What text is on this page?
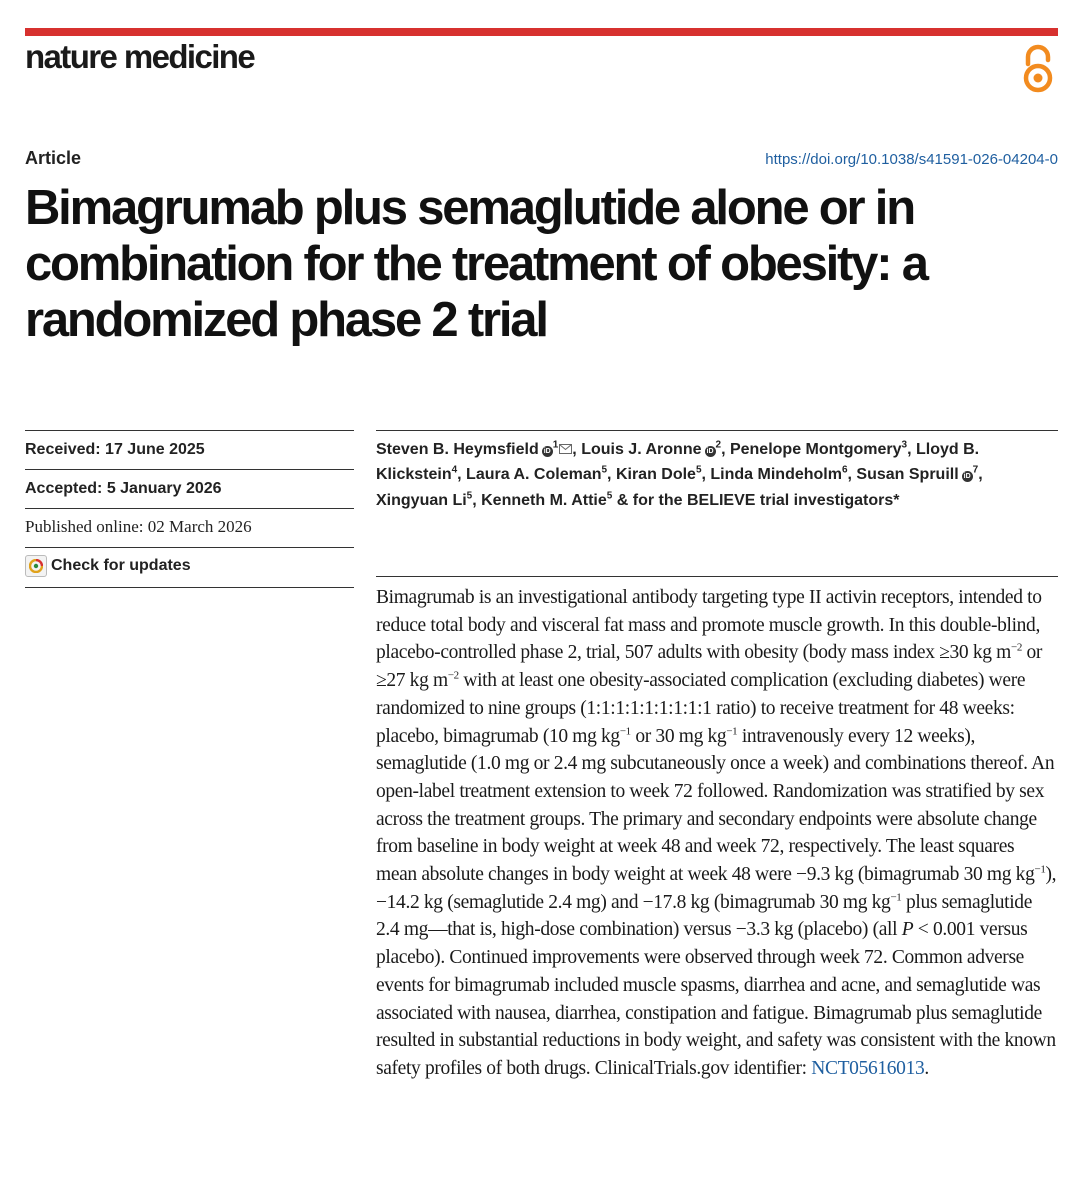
nature medicine
Article	https://doi.org/10.1038/s41591-026-04204-0
Bimagrumab plus semaglutide alone or in combination for the treatment of obesity: a randomized phase 2 trial
Received: 17 June 2025
Accepted: 5 January 2026
Published online: 02 March 2026
Check for updates

Steven B. Heymsfield $iD^1$ , Louis J. Aronne $iD^2$, Penelope Montgomery$^3$, Lloyd B. Klickstein$^4$, Laura A. Coleman$^5$, Kiran Dole$^5$, Linda Mindeholm$^6$, Susan Spruill $iD^7$, Xingyuan Li$^5$, Kenneth M. Attie$^5$ & for the BELIEVE trial investigators*

Bimagrumab is an investigational antibody targeting type II activin receptors, intended to reduce total body and visceral fat mass and promote muscle growth. In this double-blind, placebo-controlled phase 2, trial, 507 adults with obesity (body mass index ≥30 kg $m^{-2}$ or ≥27 kg $m^{-2}$ with at least one obesity-associated complication (excluding diabetes) were randomized to nine groups (1:1:1:1:1:1:1:1:1 ratio) to receive treatment for 48 weeks: placebo, bimagrumab (10 mg $kg^{-1}$ or 30 mg $kg^{-1}$ intravenously every 12 weeks), semaglutide (1.0 mg or 2.4 mg subcutaneously once a week) and combinations thereof. An open-label treatment extension to week 72 followed. Randomization was stratified by sex across the treatment groups. The primary and secondary endpoints were absolute change from baseline in body weight at week 48 and week 72, respectively. The least squares mean absolute changes in body weight at week 48 were −9.3 kg (bimagrumab 30 mg $kg^{-1}$), −14.2 kg (semaglutide 2.4 mg) and −17.8 kg (bimagrumab 30 mg $kg^{-1}$ plus semaglutide 2.4 mg—that is, high-dose combination) versus −3.3 kg (placebo) (all P < 0.001 versus placebo). Continued improvements were observed through week 72. Common adverse events for bimagrumab included muscle spasms, diarrhea and acne, and semaglutide was associated with nausea, diarrhea, constipation and fatigue. Bimagrumab plus semaglutide resulted in substantial reductions in body weight, and safety was consistent with the known safety profiles of both drugs. ClinicalTrials.gov identifier: NCT05616013.
